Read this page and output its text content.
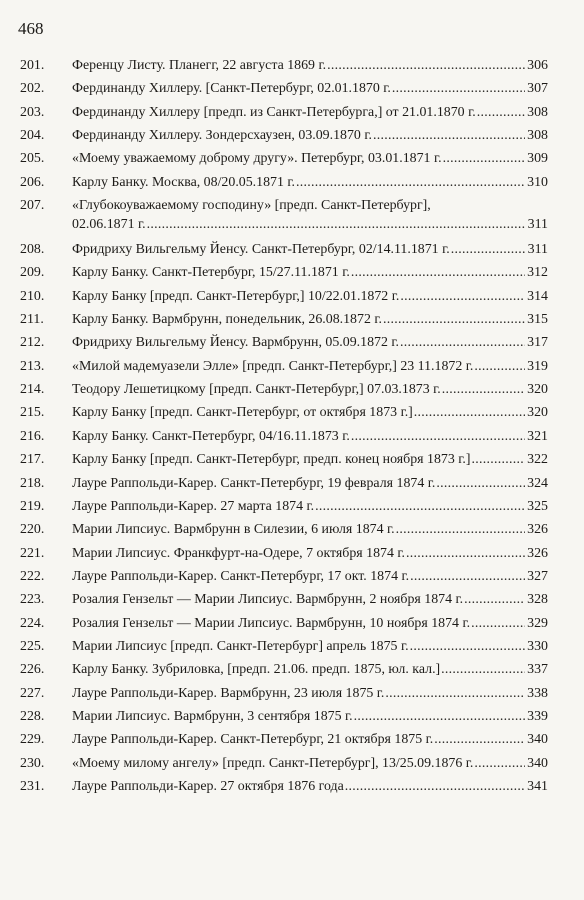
468
201.	Ференцу Листу. Планегг, 22 августа 1869 г. .....	306
202.	Фердинанду Хиллеру. [Санкт-Петербург, 02.01.1870 г. .....	307
203.	Фердинанду Хиллеру [предп. из Санкт-Петербурга,] от 21.01.1870 г. .....	308
204.	Фердинанду Хиллеру. Зондерсхаузен, 03.09.1870 г. .....	308
205.	«Моему уважаемому доброму другу». Петербург, 03.01.1871 г. .....	309
206.	Карлу Банку. Москва, 08/20.05.1871 г. .....	310
207.	«Глубокоуважаемому господину» [предп. Санкт-Петербург],
02.06.1871 г. .....	311
208.	Фридриху Вильгельму Йенсу. Санкт-Петербург, 02/14.11.1871 г. .....	311
209.	Карлу Банку. Санкт-Петербург, 15/27.11.1871 г. .....	312
210.	Карлу Банку [предп. Санкт-Петербург,] 10/22.01.1872 г. .....	314
211.	Карлу Банку. Вармбрунн, понедельник, 26.08.1872 г. .....	315
212.	Фридриху Вильгельму Йенсу. Вармбрунн, 05.09.1872 г. .....	317
213.	«Милой мадемуазели Элле» [предп. Санкт-Петербург,] 23 11.1872 г. .....	319
214.	Теодору Лешетицкому [предп. Санкт-Петербург,] 07.03.1873 г. .....	320
215.	Карлу Банку [предп. Санкт-Петербург, от октября 1873 г.] .....	320
216.	Карлу Банку. Санкт-Петербург, 04/16.11.1873 г. .....	321
217.	Карлу Банку [предп. Санкт-Петербург, предп. конец ноября 1873 г.] .....	322
218.	Лауре Раппольди-Карер. Санкт-Петербург, 19 февраля 1874 г. .....	324
219.	Лауре Раппольди-Карер. 27 марта 1874 г. .....	325
220.	Марии Липсиус. Вармбрунн в Силезии, 6 июля 1874 г. .....	326
221.	Марии Липсиус. Франкфурт-на-Одере, 7 октября 1874 г. .....	326
222.	Лауре Раппольди-Карер. Санкт-Петербург, 17 окт. 1874 г. .....	327
223.	Розалия Гензельт — Марии Липсиус. Вармбрунн, 2 ноября 1874 г. .....	328
224.	Розалия Гензельт — Марии Липсиус. Вармбрунн, 10 ноября 1874 г. .....	329
225.	Марии Липсиус [предп. Санкт-Петербург] апрель 1875 г. .....	330
226.	Карлу Банку. Зубриловка, [предп. 21.06. предп. 1875, юл. кал.] .....	337
227.	Лауре Раппольди-Карер. Вармбрунн, 23 июля 1875 г. .....	338
228.	Марии Липсиус. Вармбрунн, 3 сентября 1875 г. .....	339
229.	Лауре Раппольди-Карер. Санкт-Петербург, 21 октября 1875 г. .....	340
230.	«Моему милому ангелу» [предп. Санкт-Петербург], 13/25.09.1876 г. .....	340
231.	Лауре Раппольди-Карер. 27 октября 1876 года .....	341
